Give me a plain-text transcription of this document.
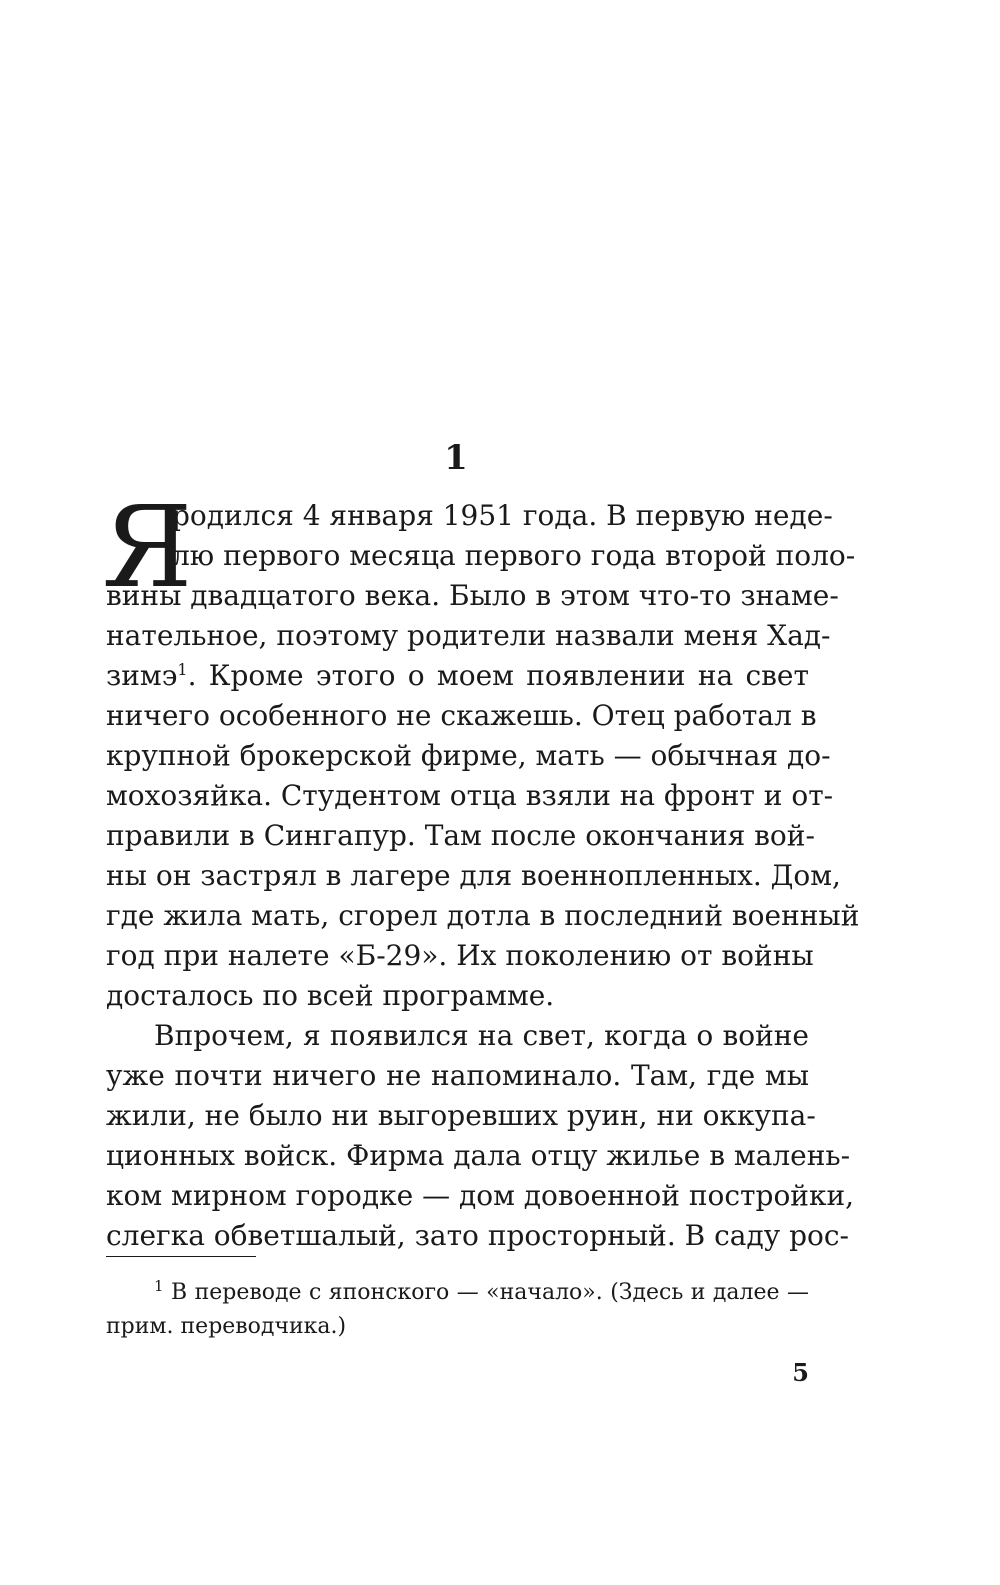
1
Я
родился 4 января 1951 года. В первую неде-
лю первого месяца первого года второй поло-
вины двадцатого века. Было в этом что-то знаме-
нательное, поэтому родители назвали меня Хад-
зимэ$^1$. Кроме этого о моем появлении на свет
ничего особенного не скажешь. Отец работал в
крупной брокерской фирме, мать — обычная до-
мохозяйка. Студентом отца взяли на фронт и от-
правили в Сингапур. Там после окончания вой-
ны он застрял в лагере для военнопленных. Дом,
где жила мать, сгорел дотла в последний военный
год при налете «Б-29». Их поколению от войны
досталось по всей программе.
Впрочем, я появился на свет, когда о войне
уже почти ничего не напоминало. Там, где мы
жили, не было ни выгоревших руин, ни оккупа-
ционных войск. Фирма дала отцу жилье в малень-
ком мирном городке — дом довоенной постройки,
слегка обветшалый, зато просторный. В саду рос-
$^1$ В переводе с японского — «начало». (Здесь и далее —
прим. переводчика.)
5
